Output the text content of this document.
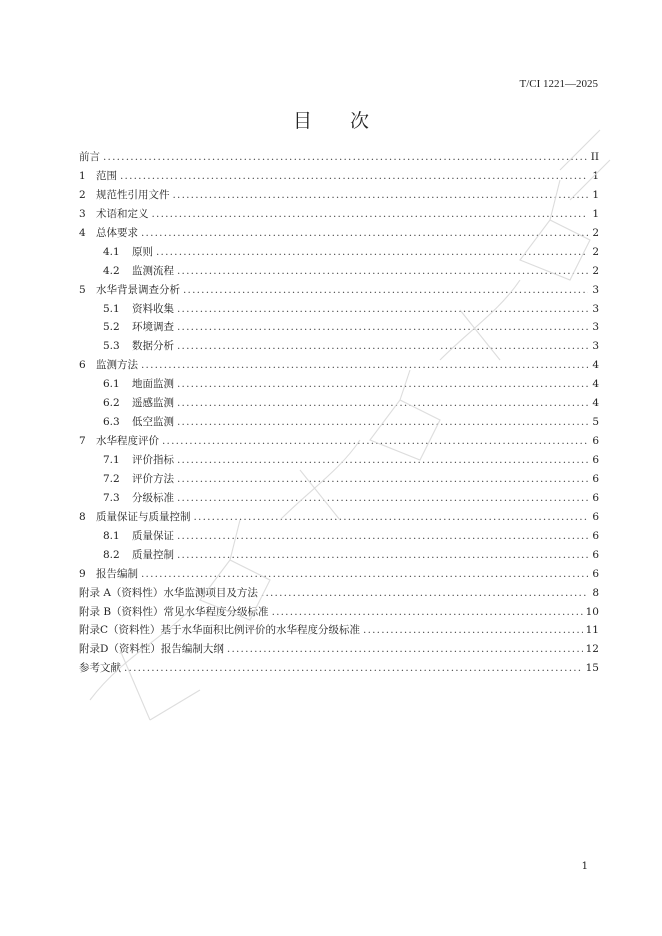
T/CI 1221—2025
目 次
前言 .....	II
1 范围 .....	1
2 规范性引用文件 .....	1
3 术语和定义 .....	1
4 总体要求 .....	2
4.1	原则 .....	2
4.2	监测流程 .....	2
5 水华背景调查分析 .....	3
5.1	资料收集 .....	3
5.2	环境调查 .....	3
5.3	数据分析 .....	3
6 监测方法 .....	4
6.1	地面监测 .....	4
6.2	遥感监测 .....	4
6.3	低空监测 .....	5
7 水华程度评价 .....	6
7.1	评价指标 .....	6
7.2	评价方法 .....	6
7.3	分级标准 .....	6
8 质量保证与质量控制 .....	6
8.1	质量保证 .....	6
8.2	质量控制 .....	6
9 报告编制 .....	6
附录 A（资料性）水华监测项目及方法 .....	8
附录 B（资料性）常见水华程度分级标准 .....	10
附录C（资料性）基于水华面积比例评价的水华程度分级标准 .....	11
附录D（资料性）报告编制大纲 .....	12
参考文献 .....	15
1
